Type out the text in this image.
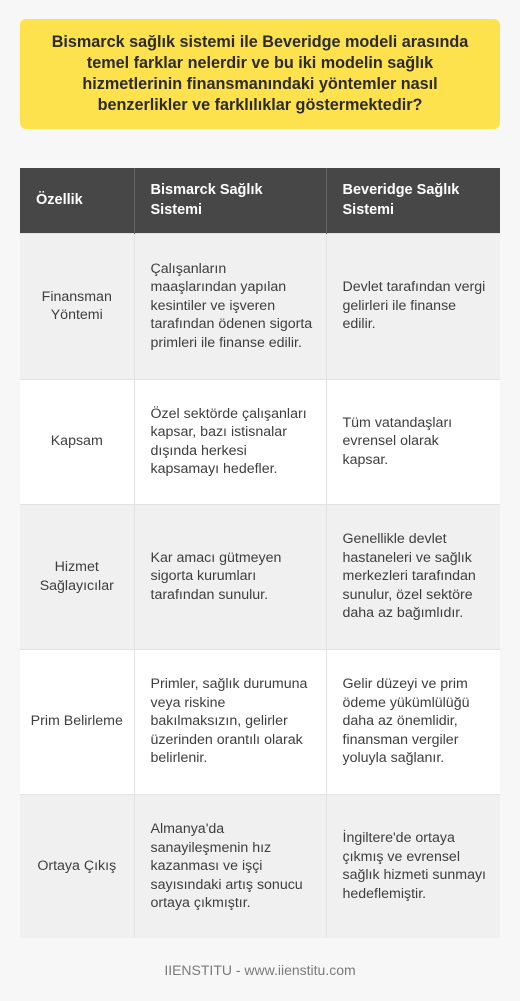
Bismarck sağlık sistemi ile Beveridge modeli arasında temel farklar nelerdir ve bu iki modelin sağlık hizmetlerinin finansmanındaki yöntemler nasıl benzerlikler ve farklılıklar göstermektedir?
Özellik	Bismarck Sağlık Sistemi	Beveridge Sağlık Sistemi
Finansman Yöntemi	Çalışanların maaşlarından yapılan kesintiler ve işveren tarafından ödenen sigorta primleri ile finanse edilir.	Devlet tarafından vergi gelirleri ile finanse edilir.
Kapsam	Özel sektörde çalışanları kapsar, bazı istisnalar dışında herkesi kapsamayı hedefler.	Tüm vatandaşları evrensel olarak kapsar.
Hizmet Sağlayıcılar	Kar amacı gütmeyen sigorta kurumları tarafından sunulur.	Genellikle devlet hastaneleri ve sağlık merkezleri tarafından sunulur, özel sektöre daha az bağımlıdır.
Prim Belirleme	Primler, sağlık durumuna veya riskine bakılmaksızın, gelirler üzerinden orantılı olarak belirlenir.	Gelir düzeyi ve prim ödeme yükümlülüğü daha az önemlidir, finansman vergiler yoluyla sağlanır.
Ortaya Çıkış	Almanya'da sanayileşmenin hız kazanması ve işçi sayısındaki artış sonucu ortaya çıkmıştır.	İngiltere'de ortaya çıkmış ve evrensel sağlık hizmeti sunmayı hedeflemiştir.
IIENSTITU - www.iienstitu.com
